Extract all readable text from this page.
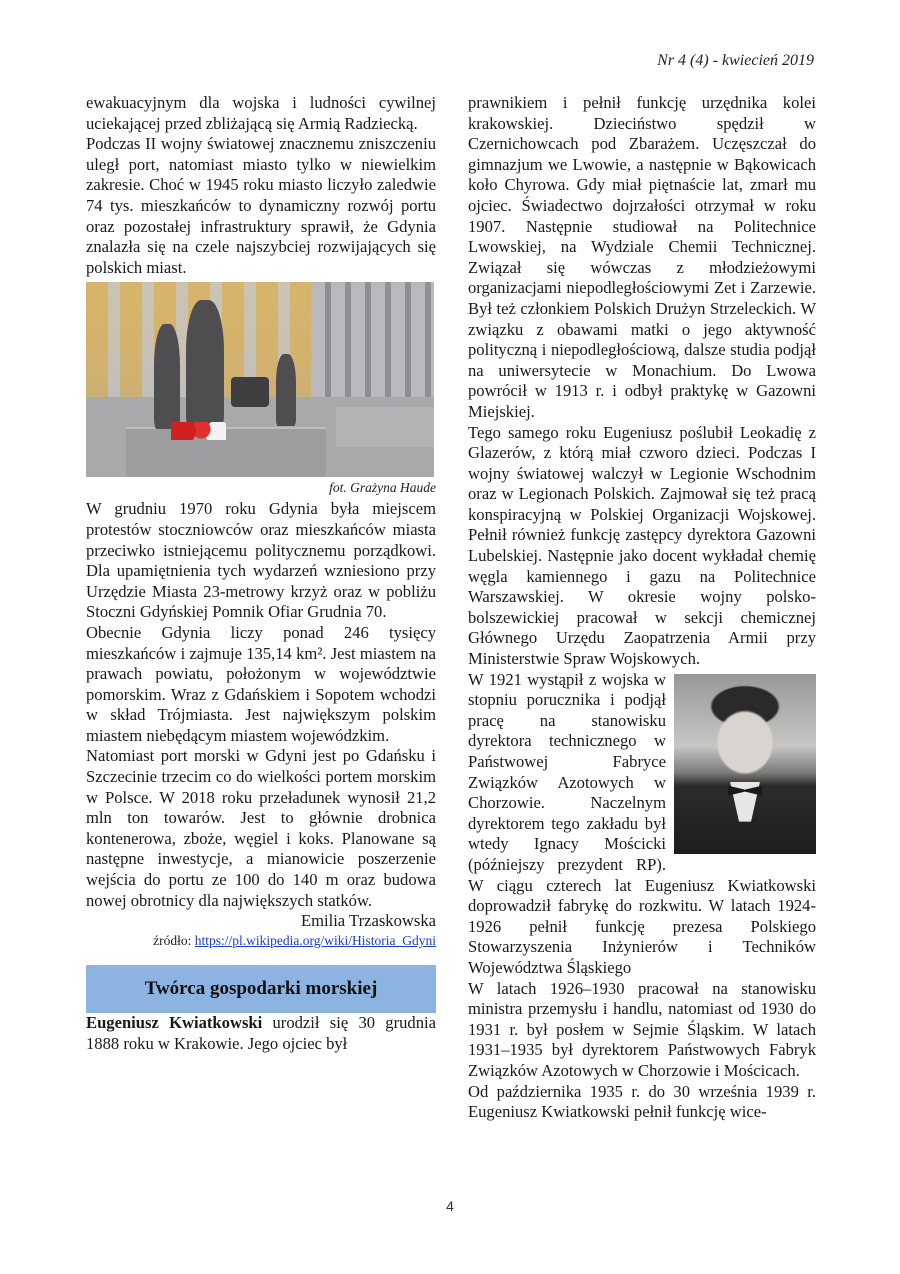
Nr 4 (4) - kwiecień 2019

ewakuacyjnym dla wojska i ludności cywilnej uciekającej przed zbliżającą się Armią Radziecką.

Podczas II wojny światowej znacznemu zniszczeniu uległ port, natomiast miasto tylko w niewielkim zakresie. Choć w 1945 roku miasto liczyło zaledwie 74 tys. mieszkańców to dynamiczny rozwój portu oraz pozostałej infrastruktury sprawił, że Gdynia znalazła się na czele najszybciej rozwijających się polskich miast.

fot. Grażyna Haude

W grudniu 1970 roku Gdynia była miejscem protestów stoczniowców oraz mieszkańców miasta przeciwko istniejącemu politycznemu porządkowi. Dla upamiętnienia tych wydarzeń wzniesiono przy Urzędzie Miasta 23-metrowy krzyż oraz w pobliżu Stoczni Gdyńskiej Pomnik Ofiar Grudnia 70.

Obecnie Gdynia liczy ponad 246 tysięcy mieszkańców i zajmuje 135,14 km². Jest miastem na prawach powiatu, położonym w województwie pomorskim. Wraz z Gdańskiem i Sopotem wchodzi w skład Trójmiasta. Jest największym polskim miastem niebędącym miastem wojewódzkim.

Natomiast port morski w Gdyni jest po Gdańsku i Szczecinie trzecim co do wielkości portem morskim w Polsce. W 2018 roku przeładunek wynosił 21,2 mln ton towarów. Jest to głównie drobnica kontenerowa, zboże, węgiel i koks. Planowane są następne inwestycje, a mianowicie poszerzenie wejścia do portu ze 100 do 140 m oraz budowa nowej obrotnicy dla największych statków.

Emilia Trzaskowska
źródło: https://pl.wikipedia.org/wiki/Historia_Gdyni
Twórca gospodarki morskiej

Eugeniusz Kwiatkowski urodził się 30 grudnia 1888 roku w Krakowie. Jego ojciec był

prawnikiem i pełnił funkcję urzędnika kolei krakowskiej. Dzieciństwo spędził w Czernichowcach pod Zbarażem. Uczęszczał do gimnazjum we Lwowie, a następnie w Bąkowicach koło Chyrowa. Gdy miał piętnaście lat, zmarł mu ojciec. Świadectwo dojrzałości otrzymał w roku 1907. Następnie studiował na Politechnice Lwowskiej, na Wydziale Chemii Technicznej. Związał się wówczas z młodzieżowymi organizacjami niepodległościowymi Zet i Zarzewie. Był też członkiem Polskich Drużyn Strzeleckich. W związku z obawami matki o jego aktywność polityczną i niepodległościową, dalsze studia podjął na uniwersytecie w Monachium. Do Lwowa powrócił w 1913 r. i odbył praktykę w Gazowni Miejskiej.

Tego samego roku Eugeniusz poślubił Leokadię z Glazerów, z którą miał czworo dzieci. Podczas I wojny światowej walczył w Legionie Wschodnim oraz w Legionach Polskich. Zajmował się też pracą konspiracyjną w Polskiej Organizacji Wojskowej. Pełnił również funkcję zastępcy dyrektora Gazowni Lubelskiej. Następnie jako docent wykładał chemię węgla kamiennego i gazu na Politechnice Warszawskiej. W okresie wojny polsko-bolszewickiej pracował w sekcji chemicznej Głównego Urzędu Zaopatrzenia Armii przy Ministerstwie Spraw Wojskowych.

W 1921 wystąpił z wojska w stopniu porucznika i podjął pracę na stanowisku dyrektora technicznego w Państwowej Fabryce Związków Azotowych w Chorzowie. Naczelnym dyrektorem tego zakładu był wtedy Ignacy Mościcki (późniejszy prezydent RP). W ciągu czterech lat Eugeniusz Kwiatkowski doprowadził fabrykę do rozkwitu. W latach 1924-1926 pełnił funkcję prezesa Polskiego Stowarzyszenia Inżynierów i Techników Województwa Śląskiego

W latach 1926–1930 pracował na stanowisku ministra przemysłu i handlu, natomiast od 1930 do 1931 r. był posłem w Sejmie Śląskim. W latach 1931–1935 był dyrektorem Państwowych Fabryk Związków Azotowych w Chorzowie i Mościcach.

Od października 1935 r. do 30 września 1939 r. Eugeniusz Kwiatkowski pełnił funkcję wice-

4
